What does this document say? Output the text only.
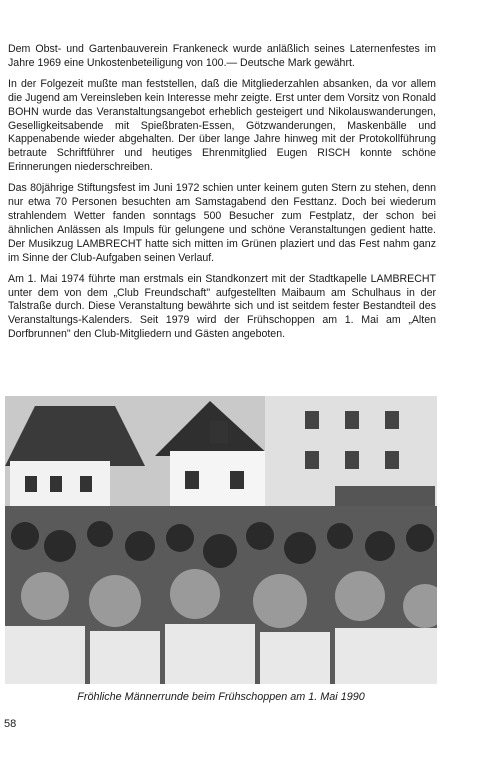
Dem Obst- und Gartenbauverein Frankeneck wurde anläßlich seines Laternenfestes im Jahre 1969 eine Unkostenbeteiligung von 100.— Deutsche Mark gewährt.

In der Folgezeit mußte man feststellen, daß die Mitgliederzahlen absanken, da vor allem die Jugend am Vereinsleben kein Interesse mehr zeigte. Erst unter dem Vorsitz von Ronald BOHN wurde das Veranstaltungsangebot erheblich gesteigert und Nikolauswanderungen, Geselligkeitsabende mit Spießbraten-Essen, Götzwanderungen, Maskenbälle und Kappenabende wieder abgehalten. Der über lange Jahre hinweg mit der Protokollführung betraute Schriftführer und heutiges Ehrenmitglied Eugen RISCH konnte schöne Erinnerungen niederschreiben.

Das 80jährige Stiftungsfest im Juni 1972 schien unter keinem guten Stern zu stehen, denn nur etwa 70 Personen besuchten am Samstagabend den Festtanz. Doch bei wiederum strahlendem Wetter fanden sonntags 500 Besucher zum Festplatz, der schon bei ähnlichen Anlässen als Impuls für gelungene und schöne Veranstaltungen gedient hatte. Der Musikzug LAMBRECHT hatte sich mitten im Grünen plaziert und das Fest nahm ganz im Sinne der Club-Aufgaben seinen Verlauf.

Am 1. Mai 1974 führte man erstmals ein Standkonzert mit der Stadtkapelle LAMBRECHT unter dem von dem „Club Freundschaft" aufgestellten Maibaum am Schulhaus in der Talstraße durch. Diese Veranstaltung bewährte sich und ist seitdem fester Bestandteil des Veranstaltungs-Kalenders. Seit 1979 wird der Frühschoppen am 1. Mai am „Alten Dorfbrunnen" den Club-Mitgliedern und Gästen angeboten.

Fröhliche Männerrunde beim Frühschoppen am 1. Mai 1990
58
